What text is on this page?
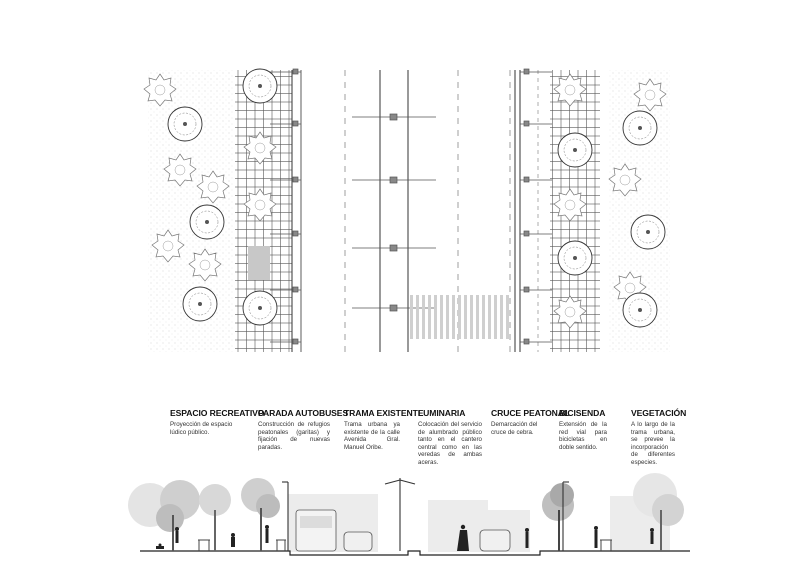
ESPACIO RECREATIVO

Proyección de espacio lúdico público.

PARADA AUTOBUSES

Construcción de refugios peatonales (garitas) y fijación de nuevas paradas.

TRAMA EXISTENTE

Trama urbana ya existente de la calle Avenida Gral. Manuel Oribe.

LUMINARIA

Colocación del servicio de alumbrado público tanto en el cantero central como en las veredas de ambas aceras.

CRUCE PEATONAL

Demarcación del cruce de cebra.

BICISENDA

Extensión de la red vial para bicicletas en doble sentido.

VEGETACIÓN

A lo largo de la trama urbana, se prevee la incorporación de diferentes especies.
